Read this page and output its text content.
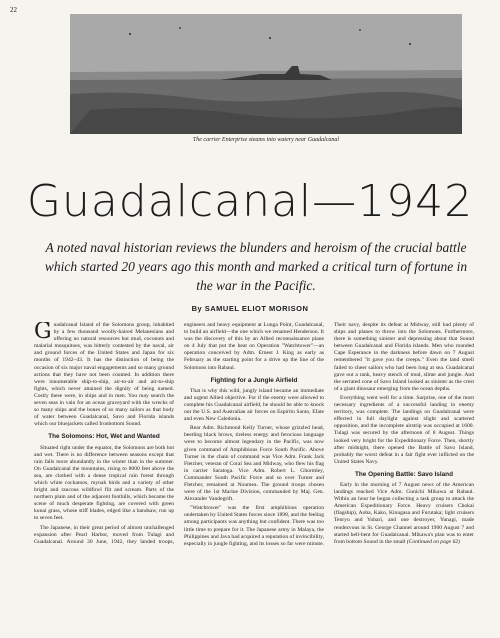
22
The carrier Enterprise steams into watery near Guadalcanal
Guadalcanal—1942

A noted naval historian reviews the blunders and heroism of the crucial battle which started 20 years ago this month and marked a critical turn of fortune in the war in the Pacific.

By SAMUEL ELIOT MORISON

Guadalcanal Island of the Solomons group, inhabited by a few thousand woolly-haired Melanesians and offering no natural resources but mud, coconuts and malarial mosquitoes, was bitterly contested by the naval, air and ground forces of the United States and Japan for six months of 1942–43. It has the distinction of being the occasion of six major naval engagements and so many ground actions that they have not been counted. In addition there were innumerable ship-to-ship, air-to-air and air-to-ship fights, which never attained the dignity of being named. Costly these were, in ships and in men. You may search the seven seas in vain for an ocean graveyard with the wrecks of so many ships and the bones of so many sailors as that body of water between Guadalcanal, Savo and Florida islands which our bluejackets called Ironbottom Sound.

The Solomons: Hot, Wet and Wanted

Situated right under the equator, the Solomons are both hot and wet. There is no difference between seasons except that rain falls more abundantly in the winter than in the summer. On Guadalcanal the mountains, rising to 8000 feet above the sea, are clothed with a dense tropical rain forest through which white cockatoos, mynah birds and a variety of other bright and raucous wildfowl flit and scream. Parts of the northern plain and of the adjacent foothills, which became the scene of much desperate fighting, are covered with green kunai grass, whose stiff blades, edged like a bandsaw, run up to seven feet.

The Japanese, in their great period of almost unchallenged expansion after Pearl Harbor, moved from Tulagi and Guadalcanal. Around 30 June, 1942, they landed troops, engineers and heavy equipment at Lunga Point, Guadalcanal, to build an airfield—the one which we renamed Henderson. It was the discovery of this by an Allied reconnaissance plane on 4 July that put the heat on Operation "Watchtower"—an operation conceived by Adm. Ernest J. King as early as February as the starting point for a drive up the line of the Solomons into Rabaul.

Fighting for a Jungle Airfield

That is why this wild, jungly island became an immediate and urgent Allied objective. For if the enemy were allowed to complete his Guadalcanal airfield, he should be able to knock out the U.S. and Australian air forces on Espiritu Santo, Efate and even New Caledonia.

Rear Adm. Richmond Kelly Turner, whose grizzled head, beetling black brows, tireless energy and ferocious language were to become almost legendary in the Pacific, was now given command of Amphibious Force South Pacific. Above Turner in the chain of command was Vice Adm. Frank Jack Fletcher, veteran of Coral Sea and Midway, who flew his flag in carrier Saratoga. Vice Adm. Robert L. Ghormley, Commander South Pacific Force and so over Turner and Fletcher, remained at Noumea. The ground troops chosen were of the 1st Marine Division, commanded by Maj. Gen. Alexander Vandegrift.

"Watchtower" was the first amphibious operation undertaken by United States forces since 1898, and the feeling among participants was anything but confident. There was too little time to prepare for it. The Japanese army in Malaya, the Philippines and Java had acquired a reputation of invincibility, especially in jungle fighting, and its losses so far were minute. Their navy, despite its defeat at Midway, still had plenty of ships and planes to throw into the Solomons. Furthermore, there is something sinister and depressing about that Sound between Guadalcanal and Florida islands. Men who rounded Cape Esperance in the darkness before dawn on 7 August remembered "it gave you the creeps." Even the land smell failed to cheer sailors who had been long at sea. Guadalcanal gave out a rank, heavy stench of mud, slime and jungle. And the serrated cone of Savo Island looked as sinister as the crest of a giant dinosaur emerging from the ocean depths.

Everything went well for a time. Surprise, one of the most necessary ingredients of a successful landing in enemy territory, was complete. The landings on Guadalcanal were effected in full daylight against slight and scattered opposition, and the incomplete airstrip was occupied at 1600. Tulagi was secured by the afternoon of 8 August. Things looked very bright for the Expeditionary Force. Then, shortly after midnight, there opened the Battle of Savo Island, probably the worst defeat in a fair fight ever inflicted on the United States Navy.

The Opening Battle: Savo Island

Early in the morning of 7 August news of the American landings reached Vice Adm. Gunichi Mikawa at Rabaul. Within an hour he began collecting a task group to attack the American Expeditionary Force. Heavy cruisers Chokai (flagship), Aoba, Kako, Kinugasa and Furutaka; light cruisers Tenryu and Yubari, and one destroyer, Yunagi, made rendezvous in St. George Channel around 1900 August 7 and started hell-bent for Guadalcanal. Mikawa's plan was to enter from bottom Sound in the small (Continued on page 62)
